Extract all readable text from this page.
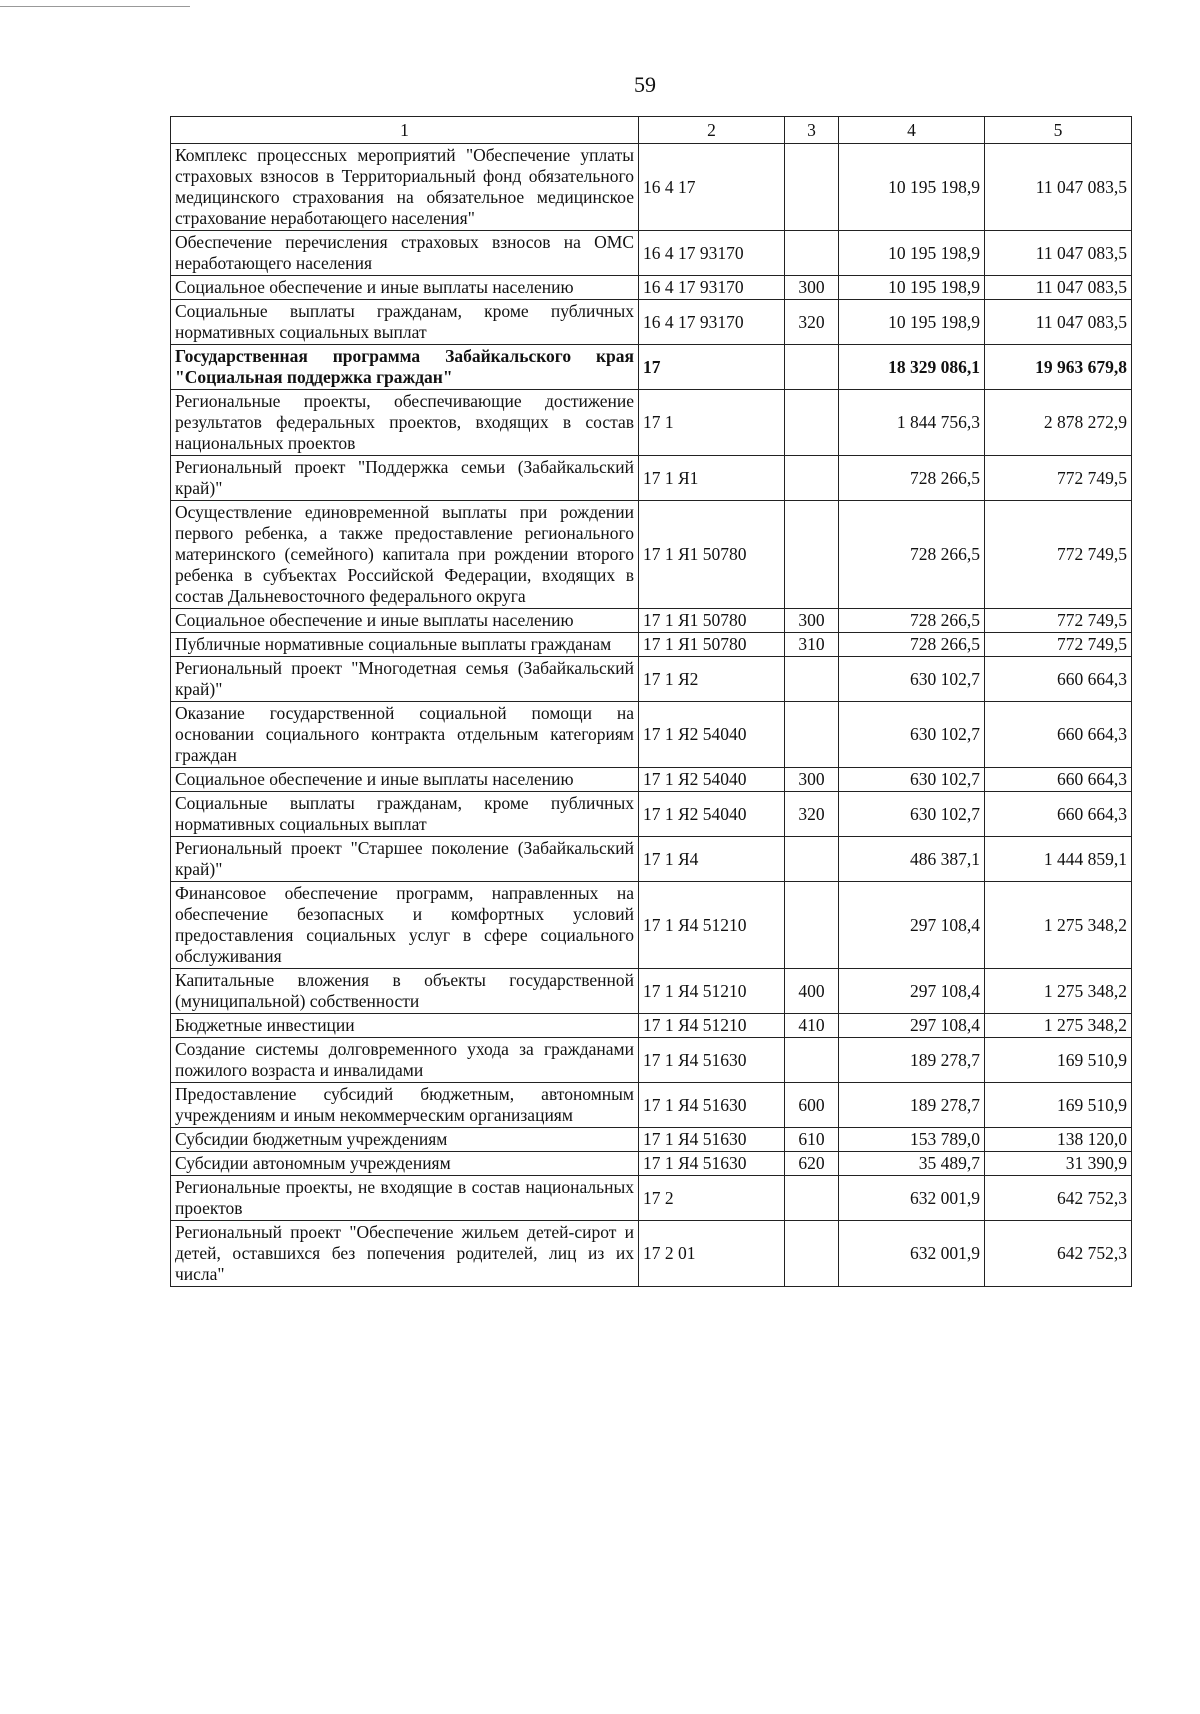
59
1	2	3	4	5
Комплекс процессных мероприятий "Обеспечение уплаты страховых взносов в Территориальный фонд обязательного медицинского страхования на обязательное медицинское страхование неработающего населения"	16 4 17		10 195 198,9	11 047 083,5
Обеспечение перечисления страховых взносов на ОМС неработающего населения	16 4 17 93170		10 195 198,9	11 047 083,5
Социальное обеспечение и иные выплаты населению	16 4 17 93170	300	10 195 198,9	11 047 083,5
Социальные выплаты гражданам, кроме публичных нормативных социальных выплат	16 4 17 93170	320	10 195 198,9	11 047 083,5
Государственная программа Забайкальского края "Социальная поддержка граждан"	17		18 329 086,1	19 963 679,8
Региональные проекты, обеспечивающие достижение результатов федеральных проектов, входящих в состав национальных проектов	17 1		1 844 756,3	2 878 272,9
Региональный проект "Поддержка семьи (Забайкальский край)"	17 1 Я1		728 266,5	772 749,5
Осуществление единовременной выплаты при рождении первого ребенка, а также предоставление регионального материнского (семейного) капитала при рождении второго ребенка в субъектах Российской Федерации, входящих в состав Дальневосточного федерального округа	17 1 Я1 50780		728 266,5	772 749,5
Социальное обеспечение и иные выплаты населению	17 1 Я1 50780	300	728 266,5	772 749,5
Публичные нормативные социальные выплаты гражданам	17 1 Я1 50780	310	728 266,5	772 749,5
Региональный проект "Многодетная семья (Забайкальский край)"	17 1 Я2		630 102,7	660 664,3
Оказание государственной социальной помощи на основании социального контракта отдельным категориям граждан	17 1 Я2 54040		630 102,7	660 664,3
Социальное обеспечение и иные выплаты населению	17 1 Я2 54040	300	630 102,7	660 664,3
Социальные выплаты гражданам, кроме публичных нормативных социальных выплат	17 1 Я2 54040	320	630 102,7	660 664,3
Региональный проект "Старшее поколение (Забайкальский край)"	17 1 Я4		486 387,1	1 444 859,1
Финансовое обеспечение программ, направленных на обеспечение безопасных и комфортных условий предоставления социальных услуг в сфере социального обслуживания	17 1 Я4 51210		297 108,4	1 275 348,2
Капитальные вложения в объекты государственной (муниципальной) собственности	17 1 Я4 51210	400	297 108,4	1 275 348,2
Бюджетные инвестиции	17 1 Я4 51210	410	297 108,4	1 275 348,2
Создание системы долговременного ухода за гражданами пожилого возраста и инвалидами	17 1 Я4 51630		189 278,7	169 510,9
Предоставление субсидий бюджетным, автономным учреждениям и иным некоммерческим организациям	17 1 Я4 51630	600	189 278,7	169 510,9
Субсидии бюджетным учреждениям	17 1 Я4 51630	610	153 789,0	138 120,0
Субсидии автономным учреждениям	17 1 Я4 51630	620	35 489,7	31 390,9
Региональные проекты, не входящие в состав национальных проектов	17 2		632 001,9	642 752,3
Региональный проект "Обеспечение жильем детей-сирот и детей, оставшихся без попечения родителей, лиц из их числа"	17 2 01		632 001,9	642 752,3
